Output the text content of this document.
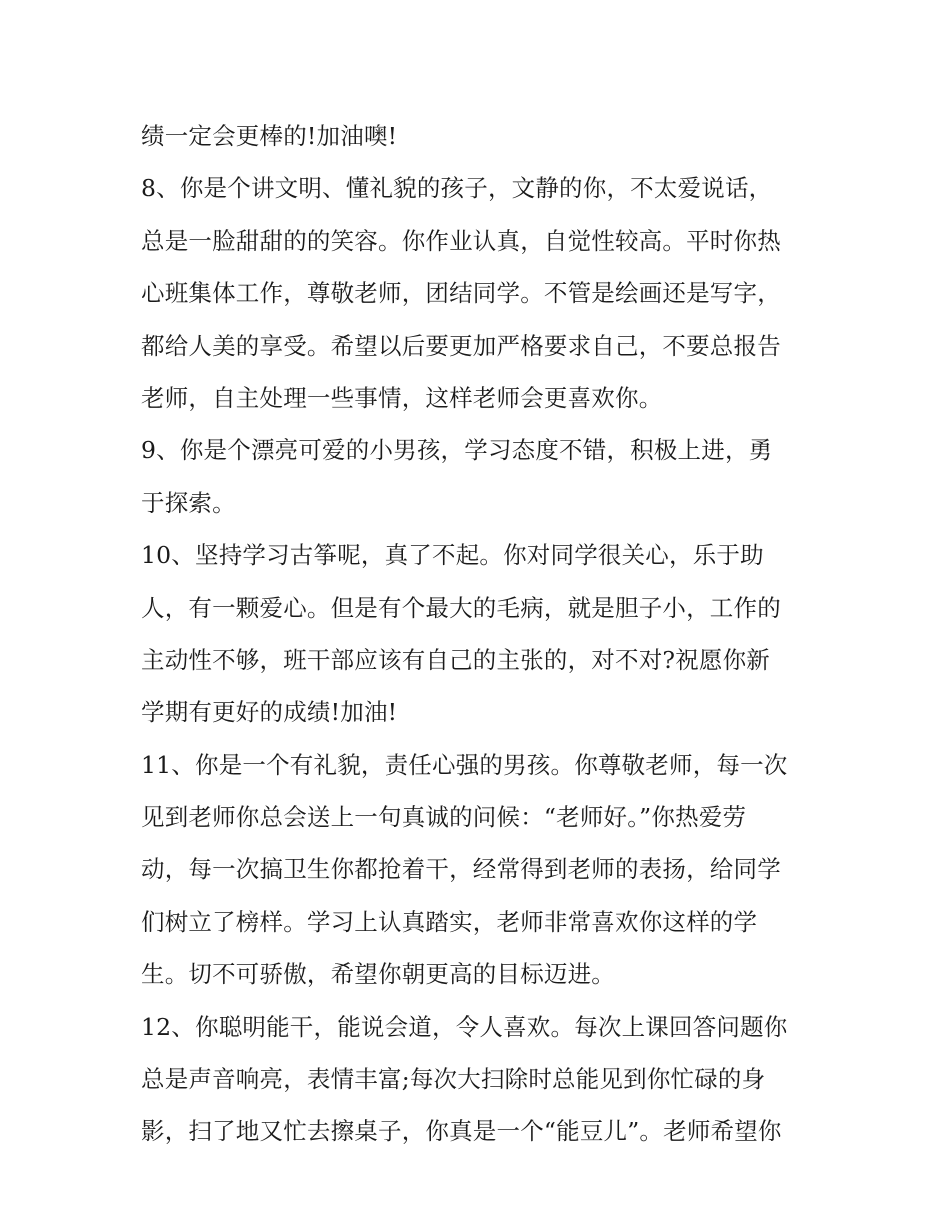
绩一定会更棒的!加油噢!
8、你是个讲文明、懂礼貌的孩子，文静的你，不太爱说话，
总是一脸甜甜的的笑容。你作业认真，自觉性较高。平时你热
心班集体工作，尊敬老师，团结同学。不管是绘画还是写字，
都给人美的享受。希望以后要更加严格要求自己，不要总报告
老师，自主处理一些事情，这样老师会更喜欢你。
9、你是个漂亮可爱的小男孩，学习态度不错，积极上进，勇
于探索。
10、坚持学习古筝呢，真了不起。你对同学很关心，乐于助
人，有一颗爱心。但是有个最大的毛病，就是胆子小，工作的
主动性不够，班干部应该有自己的主张的，对不对?祝愿你新
学期有更好的成绩!加油!
11、你是一个有礼貌，责任心强的男孩。你尊敬老师，每一次
见到老师你总会送上一句真诚的问候：“老师好。”你热爱劳
动，每一次搞卫生你都抢着干，经常得到老师的表扬，给同学
们树立了榜样。学习上认真踏实，老师非常喜欢你这样的学
生。切不可骄傲，希望你朝更高的目标迈进。
12、你聪明能干，能说会道，令人喜欢。每次上课回答问题你
总是声音响亮，表情丰富;每次大扫除时总能见到你忙碌的身
影，扫了地又忙去擦桌子，你真是一个“能豆儿”。老师希望你
